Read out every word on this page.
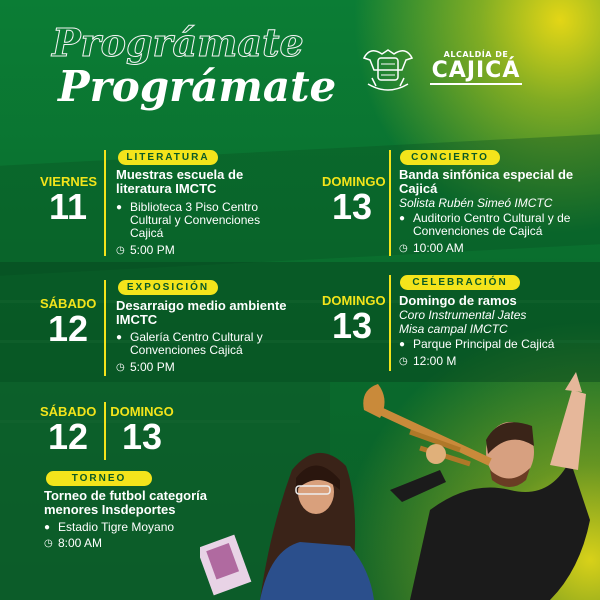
Prográmate
Prográmate
ALCALDÍA DE
CAJICÁ
VIERNES
11
LITERATURA
Muestras escuela de literatura IMCTC
● Biblioteca 3 Piso Centro Cultural y Convenciones Cajicá
◷ 5:00 PM
DOMINGO
13
CONCIERTO
Banda sinfónica especial de Cajicá
Solista Rubén Simeó IMCTC
● Auditorio Centro Cultural y de Convenciones de Cajicá
◷ 10:00 AM
SÁBADO
12
EXPOSICIÓN
Desarraigo medio ambiente IMCTC
● Galería Centro Cultural y Convenciones Cajicá
◷ 5:00 PM
DOMINGO
13
CELEBRACIÓN
Domingo de ramos
Coro Instrumental Jates
Misa campal IMCTC
● Parque Principal de Cajicá
◷ 12:00 M
SÁBADO
12
DOMINGO
13
TORNEO
Torneo de futbol categoría menores Insdeportes
● Estadio Tigre Moyano
◷ 8:00 AM
